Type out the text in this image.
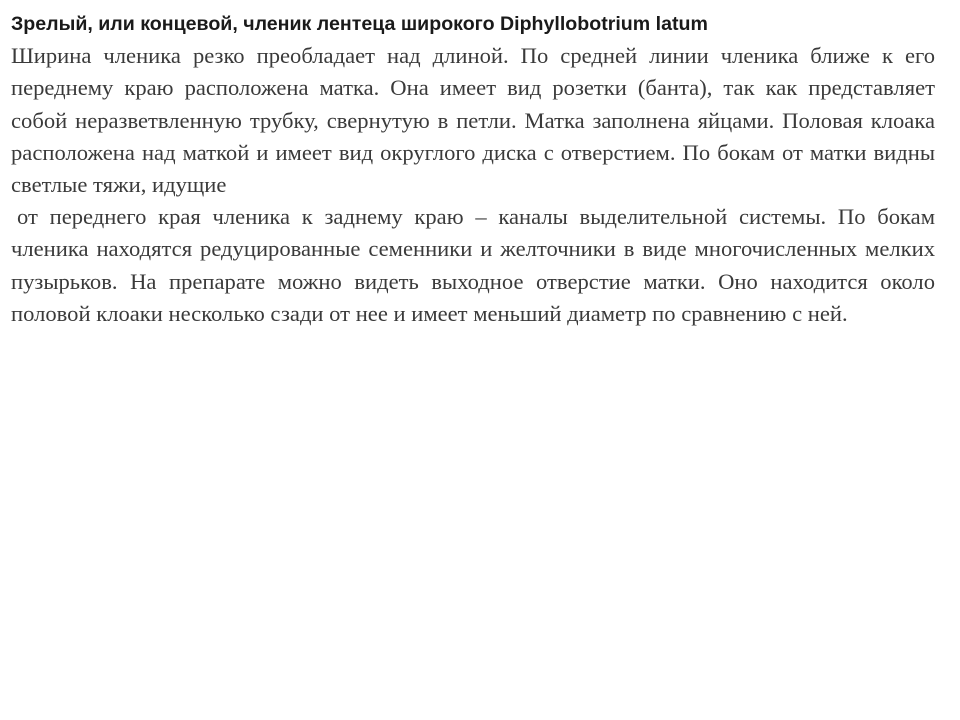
Зрелый, или концевой, членик лентеца широкого Diphyllobotrium latum

Ширина членика резко преобладает над длиной. По средней линии членика ближе к его переднему краю расположена матка. Она имеет вид розетки (банта), так как представляет собой неразветвленную трубку, свернутую в петли. Матка заполнена яйцами. Половая клоака расположена над маткой и имеет вид округлого диска с отверстием. По бокам от матки видны светлые тяжи, идущие

от переднего края членика к заднему краю – каналы выделительной системы. По бокам членика находятся редуцированные семенники и желточники в виде многочисленных мелких пузырьков. На препарате можно видеть выходное отверстие матки. Оно находится около половой клоаки несколько сзади от нее и имеет меньший диаметр по сравнению с ней.
